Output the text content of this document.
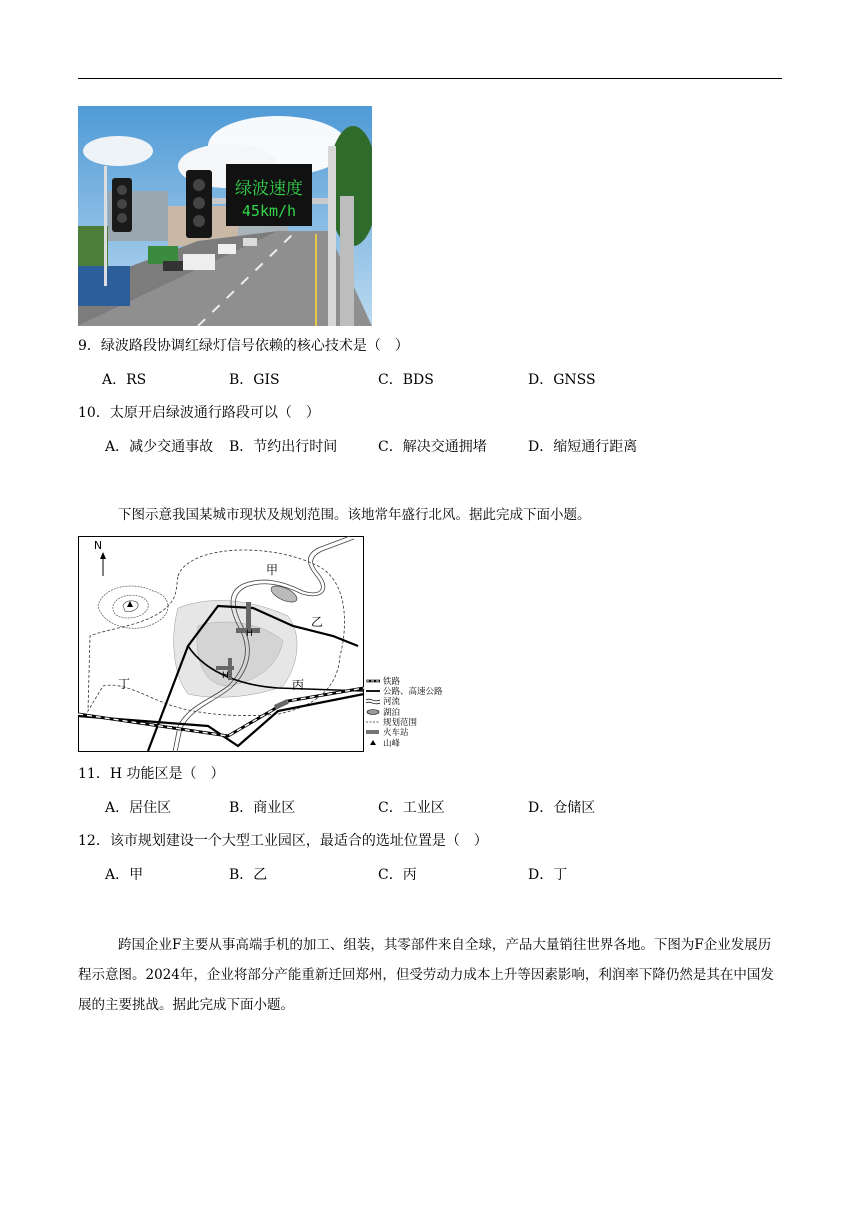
绿波速度
45km/h
9．绿波路段协调红绿灯信号依赖的核心技术是（　）
A．RS	B．GIS	C．BDS	D．GNSS
10．太原开启绿波通行路段可以（　）
A．减少交通事故 B．节约出行时间	C．解决交通拥堵	D．缩短通行距离
下图示意我国某城市现状及规划范围。该地常年盛行北风。据此完成下面小题。
N
H
H
甲
乙
丙
丁	铁路
公路、高速公路
河流
湖泊
规划范围
火车站
山峰
11．H 功能区是（　）
A．居住区	B．商业区	C．工业区	D．仓储区
12．该市规划建设一个大型工业园区，最适合的选址位置是（　）
A．甲	B．乙	C．丙	D．丁
跨国企业F主要从事高端手机的加工、组装，其零部件来自全球，产品大量销往世界各地。下图为F企业发展历程示意图。2024年，企业将部分产能重新迁回郑州，但受劳动力成本上升等因素影响，利润率下降仍然是其在中国发展的主要挑战。据此完成下面小题。
